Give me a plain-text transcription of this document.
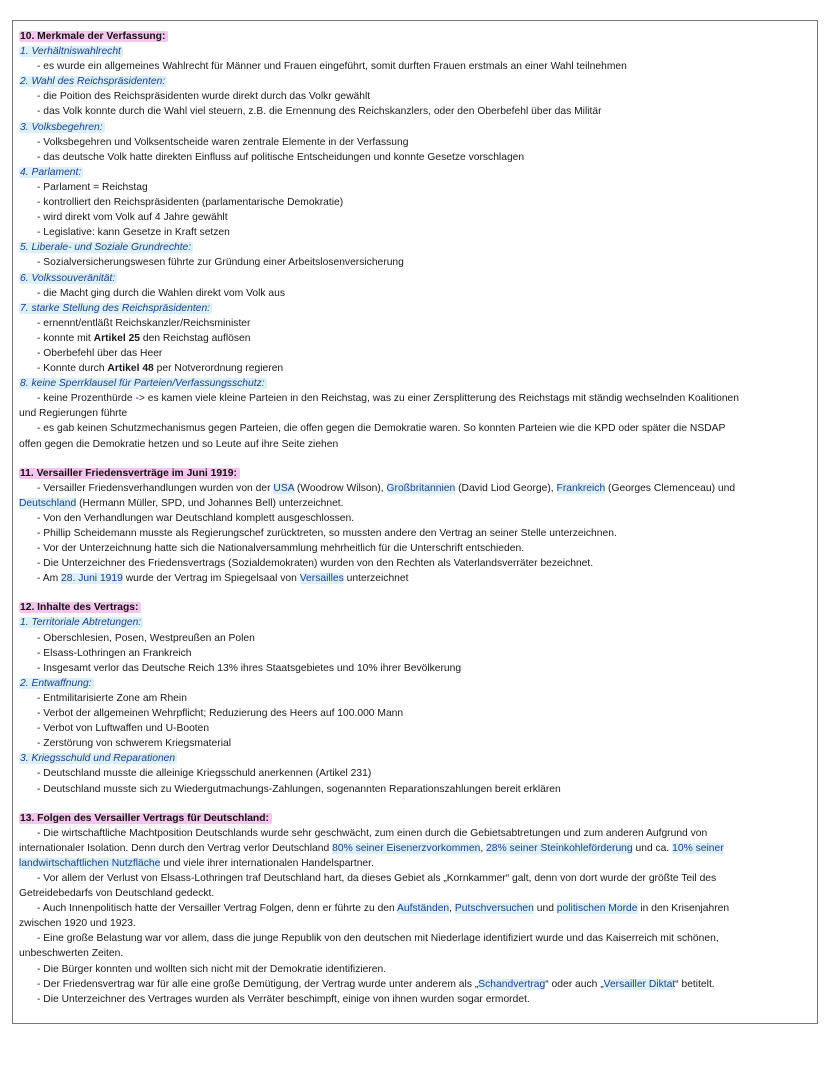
10. Merkmale der Verfassung:
1. Verhältniswahlrecht
- es wurde ein allgemeines Wahlrecht für Männer und Frauen eingeführt, somit durften Frauen erstmals an einer Wahl teilnehmen
2. Wahl des Reichspräsidenten:
- die Poition des Reichspräsidenten wurde direkt durch das Volkr gewählt
- das Volk konnte durch die Wahl viel steuern, z.B. die Ernennung des Reichskanzlers, oder den Oberbefehl über das Militär
3. Volksbegehren:
- Volksbegehren und Volksentscheide waren zentrale Elemente in der Verfassung
- das deutsche Volk hatte direkten Einfluss auf politische Entscheidungen und konnte Gesetze vorschlagen
4. Parlament:
- Parlament = Reichstag
- kontrolliert den Reichspräsidenten (parlamentarische Demokratie)
- wird direkt vom Volk auf 4 Jahre gewählt
- Legislative: kann Gesetze in Kraft setzen
5. Liberale- und Soziale Grundrechte:
- Sozialversicherungswesen führte zur Gründung einer Arbeitslosenversicherung
6. Volkssouveränität:
- die Macht ging durch die Wahlen direkt vom Volk aus
7. starke Stellung des Reichspräsidenten:
- ernennt/entläßt Reichskanzler/Reichsminister
- konnte mit Artikel 25 den Reichstag auflösen
- Oberbefehl über das Heer
- Konnte durch Artikel 48 per Notverordnung regieren
8. keine Sperrklausel für Parteien/Verfassungsschutz:
- keine Prozenthürde -> es kamen viele kleine Parteien in den Reichstag, was zu einer Zersplitterung des Reichstags mit ständig wechselnden Koalitionen
und Regierungen führte
- es gab keinen Schutzmechanismus gegen Parteien, die offen gegen die Demokratie waren. So konnten Parteien wie die KPD oder später die NSDAP
offen gegen die Demokratie hetzen und so Leute auf ihre Seite ziehen
11. Versailler Friedensverträge im Juni 1919:
- Versailler Friedensverhandlungen wurden von der USA (Woodrow Wilson), Großbritannien (David Liod George), Frankreich (Georges Clemenceau) und
Deutschland (Hermann Müller, SPD, und Johannes Bell) unterzeichnet.
- Von den Verhandlungen war Deutschland komplett ausgeschlossen.
- Phillip Scheidemann musste als Regierungschef zurücktreten, so mussten andere den Vertrag an seiner Stelle unterzeichnen.
- Vor der Unterzeichnung hatte sich die Nationalversammlung mehrheitlich für die Unterschrift entschieden.
- Die Unterzeichner des Friedensvertrags (Sozialdemokraten) wurden von den Rechten als Vaterlandsverräter bezeichnet.
- Am 28. Juni 1919 wurde der Vertrag im Spiegelsaal von Versailles unterzeichnet
12. Inhalte des Vertrags:
1. Territoriale Abtretungen:
- Oberschlesien, Posen, Westpreußen an Polen
- Elsass-Lothringen an Frankreich
- Insgesamt verlor das Deutsche Reich 13% ihres Staatsgebietes und 10% ihrer Bevölkerung
2. Entwaffnung:
- Entmilitarisierte Zone am Rhein
- Verbot der allgemeinen Wehrpflicht; Reduzierung des Heers auf 100.000 Mann
- Verbot von Luftwaffen und U-Booten
- Zerstörung von schwerem Kriegsmaterial
3. Kriegsschuld und Reparationen
- Deutschland musste die alleinige Kriegsschuld anerkennen (Artikel 231)
- Deutschland musste sich zu Wiedergutmachungs-Zahlungen, sogenannten Reparationszahlungen bereit erklären
13. Folgen des Versailler Vertrags für Deutschland:
- Die wirtschaftliche Machtposition Deutschlands wurde sehr geschwächt, zum einen durch die Gebietsabtretungen und zum anderen Aufgrund von
internationaler Isolation. Denn durch den Vertrag verlor Deutschland 80% seiner Eisenerzvorkommen, 28% seiner Steinkohleförderung und ca. 10% seiner
landwirtschaftlichen Nutzfläche und viele ihrer internationalen Handelspartner.
- Vor allem der Verlust von Elsass-Lothringen traf Deutschland hart, da dieses Gebiet als „Kornkammer“ galt, denn von dort wurde der größte Teil des
Getreidebedarfs von Deutschland gedeckt.
- Auch Innenpolitisch hatte der Versailler Vertrag Folgen, denn er führte zu den Aufständen, Putschversuchen und politischen Morde in den Krisenjahren
zwischen 1920 und 1923.
- Eine große Belastung war vor allem, dass die junge Republik von den deutschen mit Niederlage identifiziert wurde und das Kaiserreich mit schönen,
unbeschwerten Zeiten.
- Die Bürger konnten und wollten sich nicht mit der Demokratie identifizieren.
- Der Friedensvertrag war für alle eine große Demütigung, der Vertrag wurde unter anderem als „Schandvertrag“ oder auch „Versailler Diktat“ betitelt.
- Die Unterzeichner des Vertrages wurden als Verräter beschimpft, einige von ihnen wurden sogar ermordet.
